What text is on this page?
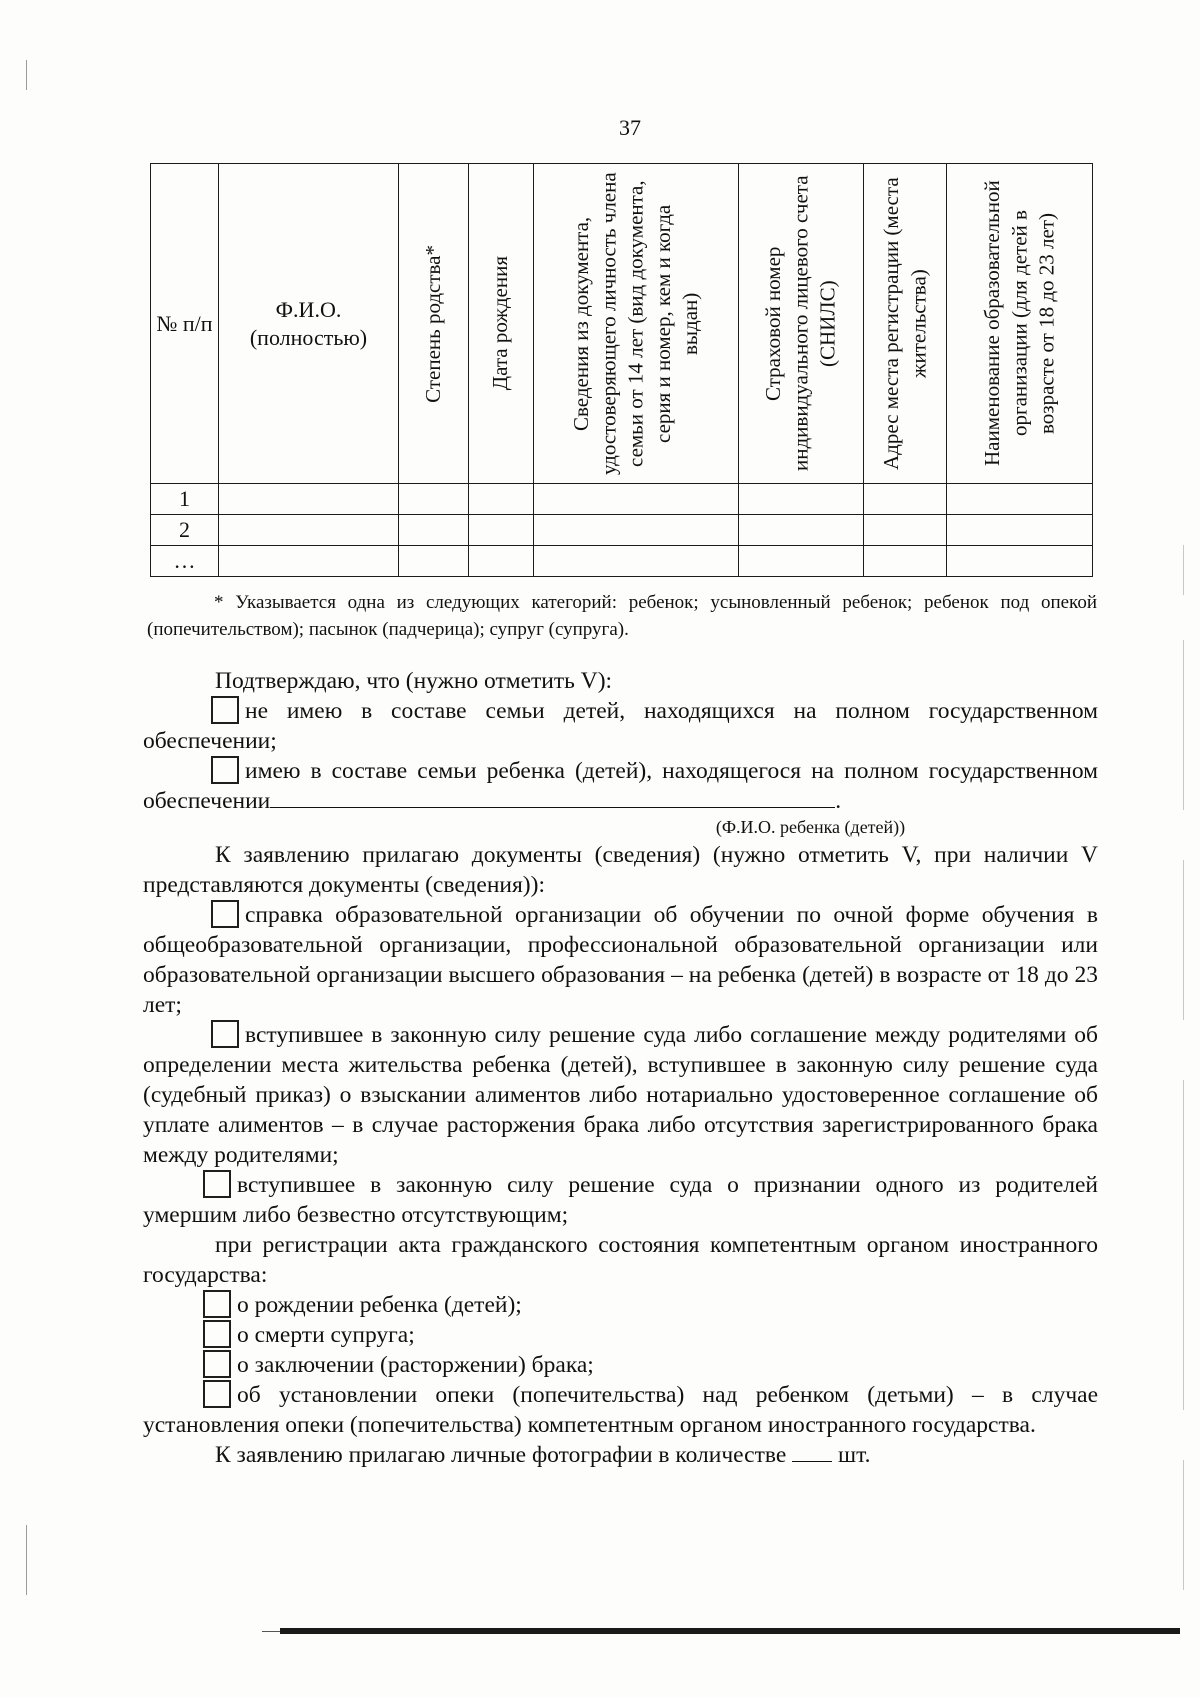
37
№ п/п	Ф.И.О. (полностью)	Степень родства*	Дата рождения	Сведения из документа, удостоверяющего личность члена семьи от 14 лет (вид документа, серия и номер, кем и когда выдан)	Страховой номер индивидуального лицевого счета (СНИЛС)	Адрес места регистрации (места жительства)	Наименование образовательной организации (для детей в возрасте от 18 до 23 лет)

1							
2							
…							
* Указывается одна из следующих категорий: ребенок; усыновленный ребенок; ребенок под опекой (попечительством); пасынок (падчерица); супруг (супруга).

Подтверждаю, что (нужно отметить V):

не имею в составе семьи детей, находящихся на полном государственном обеспечении;

имею в составе семьи ребенка (детей), находящегося на полном государственном обеспечении	.

(Ф.И.О. ребенка (детей))

К заявлению прилагаю документы (сведения) (нужно отметить V, при наличии V представляются документы (сведения)):

справка образовательной организации об обучении по очной форме обучения в общеобразовательной организации, профессиональной образовательной организации или образовательной организации высшего образования – на ребенка (детей) в возрасте от 18 до 23 лет;

вступившее в законную силу решение суда либо соглашение между родителями об определении места жительства ребенка (детей), вступившее в законную силу решение суда (судебный приказ) о взыскании алиментов либо нотариально удостоверенное соглашение об уплате алиментов – в случае расторжения брака либо отсутствия зарегистрированного брака между родителями;

вступившее в законную силу решение суда о признании одного из родителей умершим либо безвестно отсутствующим;

при регистрации акта гражданского состояния компетентным органом иностранного государства:

о рождении ребенка (детей);

о смерти супруга;

о заключении (расторжении) брака;

об установлении опеки (попечительства) над ребенком (детьми) – в случае установления опеки (попечительства) компетентным органом иностранного государства.

К заявлению прилагаю личные фотографии в количестве шт.
